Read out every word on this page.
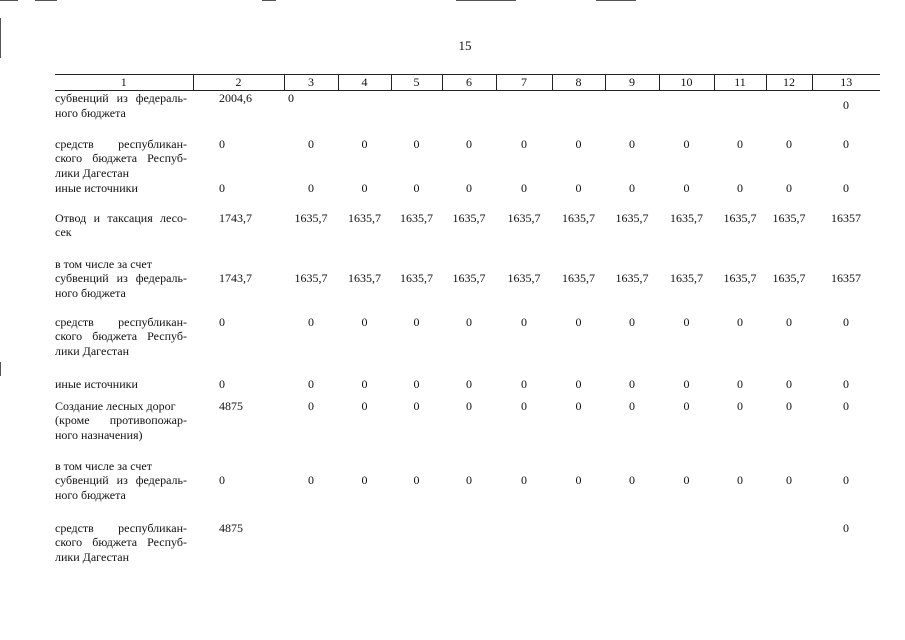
15
1	2	3	4	5	6	7	8	9	10	11	12	13

субвенций из федераль-
ного бюджета	2004,6	0										0

средств республикан-
ского бюджета Респуб-
лики Дагестан	0	0	0	0	0	0	0	0	0	0	0	0

иные источники	0	0	0	0	0	0	0	0	0	0	0	0

Отвод и таксация лесо-
сек	1743,7	1635,7	1635,7	1635,7	1635,7	1635,7	1635,7	1635,7	1635,7	1635,7	1635,7	16357

в том числе за счет
субвенций из федераль-
ного бюджета	1743,7	1635,7	1635,7	1635,7	1635,7	1635,7	1635,7	1635,7	1635,7	1635,7	1635,7	16357

средств республикан-
ского бюджета Респуб-
лики Дагестан	0	0	0	0	0	0	0	0	0	0	0	0

иные источники	0	0	0	0	0	0	0	0	0	0	0	0

Создание лесных дорог
(кроме противопожар-
ного назначения)	4875	0	0	0	0	0	0	0	0	0	0	0

в том числе за счет
субвенций из федераль-
ного бюджета	0	0	0	0	0	0	0	0	0	0	0	0

средств республикан-
ского бюджета Респуб-
лики Дагестан	4875											0
